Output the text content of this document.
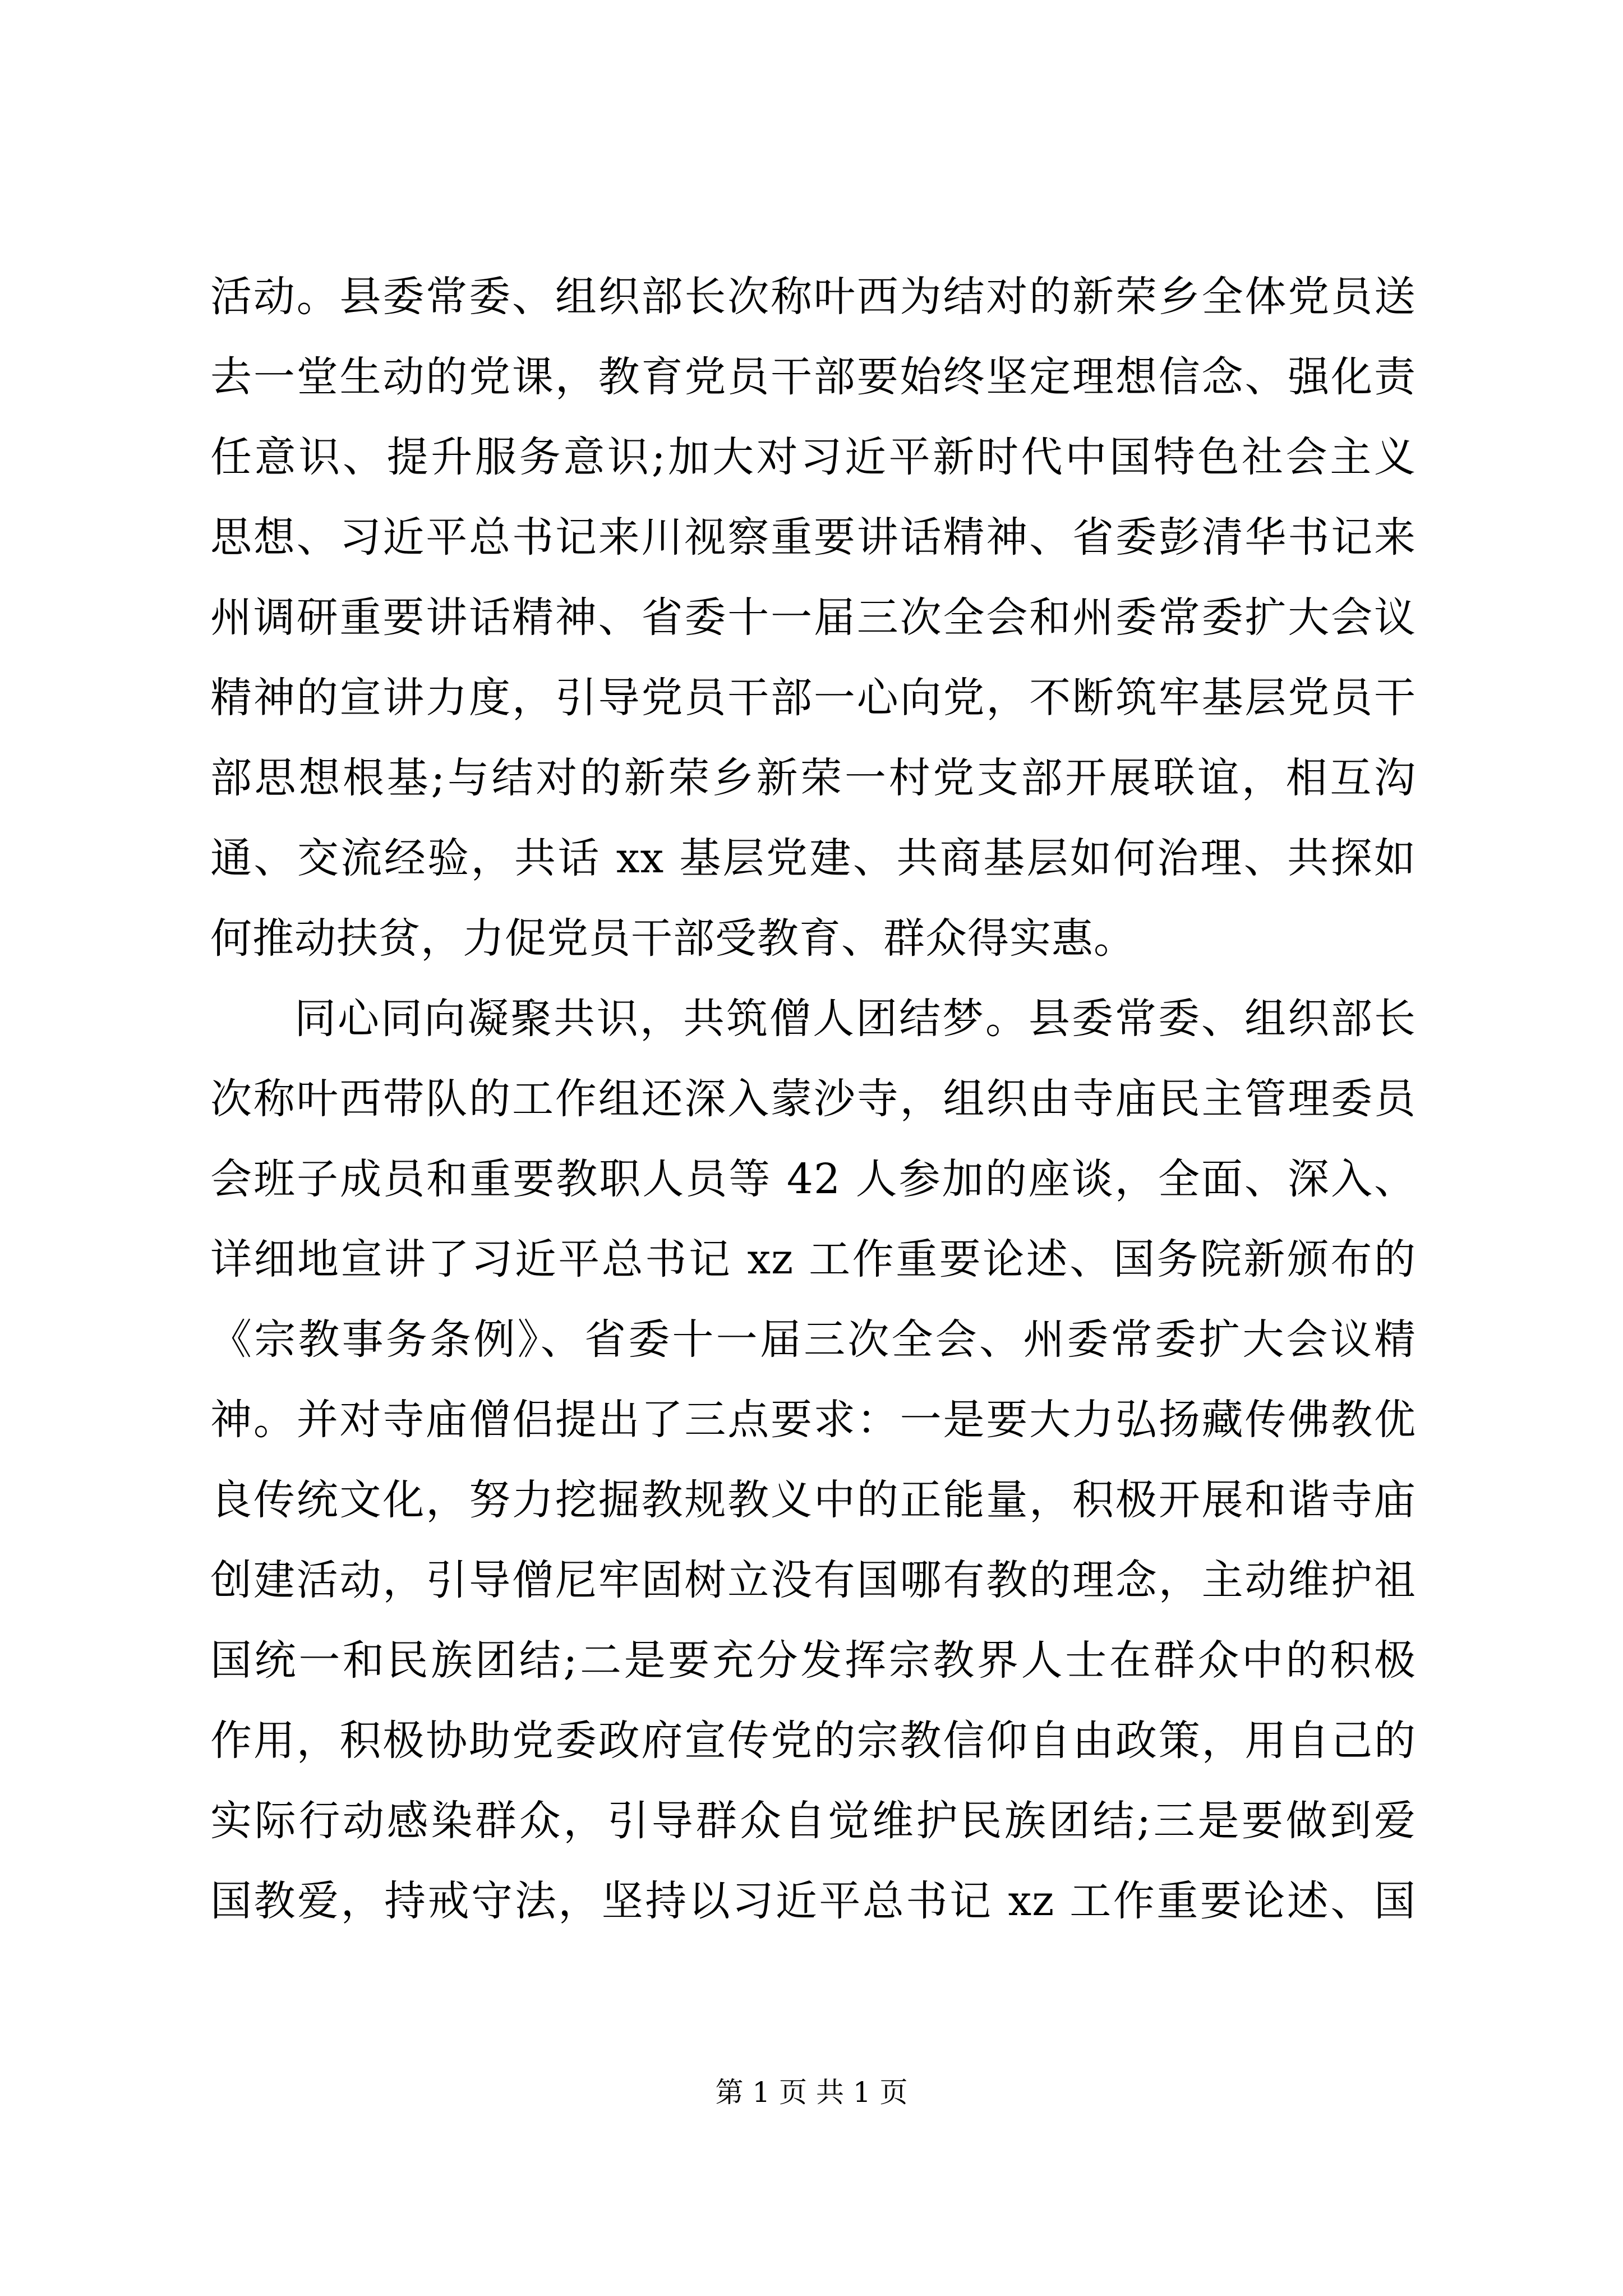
活动。县委常委、组织部长次称叶西为结对的新荣乡全体党员送
去一堂生动的党课，教育党员干部要始终坚定理想信念、强化责
任意识、提升服务意识;加大对习近平新时代中国特色社会主义
思想、习近平总书记来川视察重要讲话精神、省委彭清华书记来
州调研重要讲话精神、省委十一届三次全会和州委常委扩大会议
精神的宣讲力度，引导党员干部一心向党，不断筑牢基层党员干
部思想根基;与结对的新荣乡新荣一村党支部开展联谊，相互沟
通、交流经验，共话 xx 基层党建、共商基层如何治理、共探如
何推动扶贫，力促党员干部受教育、群众得实惠。
同心同向凝聚共识，共筑僧人团结梦。县委常委、组织部长
次称叶西带队的工作组还深入蒙沙寺，组织由寺庙民主管理委员
会班子成员和重要教职人员等 42 人参加的座谈，全面、深入、
详细地宣讲了习近平总书记 xz 工作重要论述、国务院新颁布的
《宗教事务条例》、省委十一届三次全会、州委常委扩大会议精
神。并对寺庙僧侣提出了三点要求：一是要大力弘扬藏传佛教优
良传统文化，努力挖掘教规教义中的正能量，积极开展和谐寺庙
创建活动，引导僧尼牢固树立没有国哪有教的理念，主动维护祖
国统一和民族团结;二是要充分发挥宗教界人士在群众中的积极
作用，积极协助党委政府宣传党的宗教信仰自由政策，用自己的
实际行动感染群众，引导群众自觉维护民族团结;三是要做到爱
国教爱，持戒守法，坚持以习近平总书记 xz 工作重要论述、国
第 1 页 共 1 页
